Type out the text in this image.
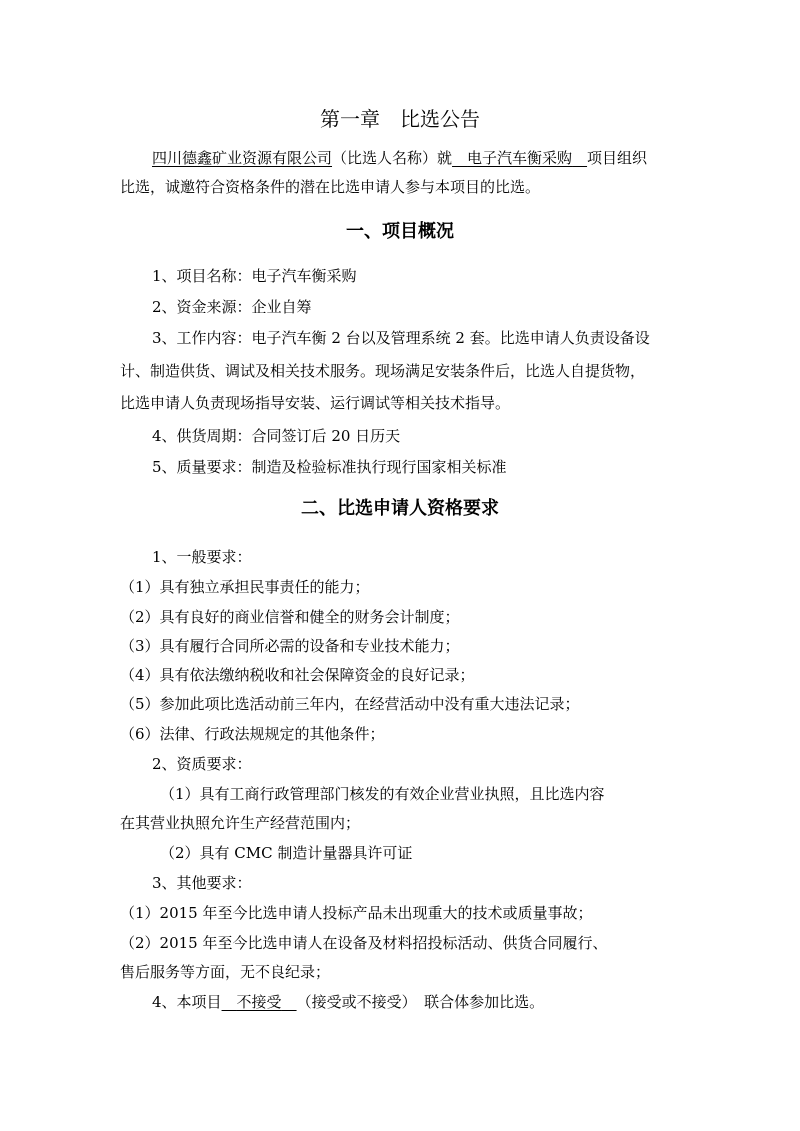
第一章　比选公告
四川德鑫矿业资源有限公司（比选人名称）就  电子汽车衡采购  项目组织
比选，诚邀符合资格条件的潜在比选申请人参与本项目的比选。
一、项目概况
1、项目名称：电子汽车衡采购
2、资金来源：企业自筹
3、工作内容：电子汽车衡 2 台以及管理系统 2 套。比选申请人负责设备设
计、制造供货、调试及相关技术服务。现场满足安装条件后，比选人自提货物，
比选申请人负责现场指导安装、运行调试等相关技术指导。
4、供货周期：合同签订后 20 日历天
5、质量要求：制造及检验标准执行现行国家相关标准
二、比选申请人资格要求
1、一般要求：
（1）具有独立承担民事责任的能力；
（2）具有良好的商业信誉和健全的财务会计制度；
（3）具有履行合同所必需的设备和专业技术能力；
（4）具有依法缴纳税收和社会保障资金的良好记录；
（5）参加此项比选活动前三年内，在经营活动中没有重大违法记录；
（6）法律、行政法规规定的其他条件；
2、资质要求：
（1）具有工商行政管理部门核发的有效企业营业执照，且比选内容
在其营业执照允许生产经营范围内；
（2）具有 CMC 制造计量器具许可证
3、其他要求：
（1）2015 年至今比选申请人投标产品未出现重大的技术或质量事故；
（2）2015 年至今比选申请人在设备及材料招投标活动、供货合同履行、
售后服务等方面，无不良纪录；
4、本项目   不接受   （接受或不接受）　联合体参加比选。
